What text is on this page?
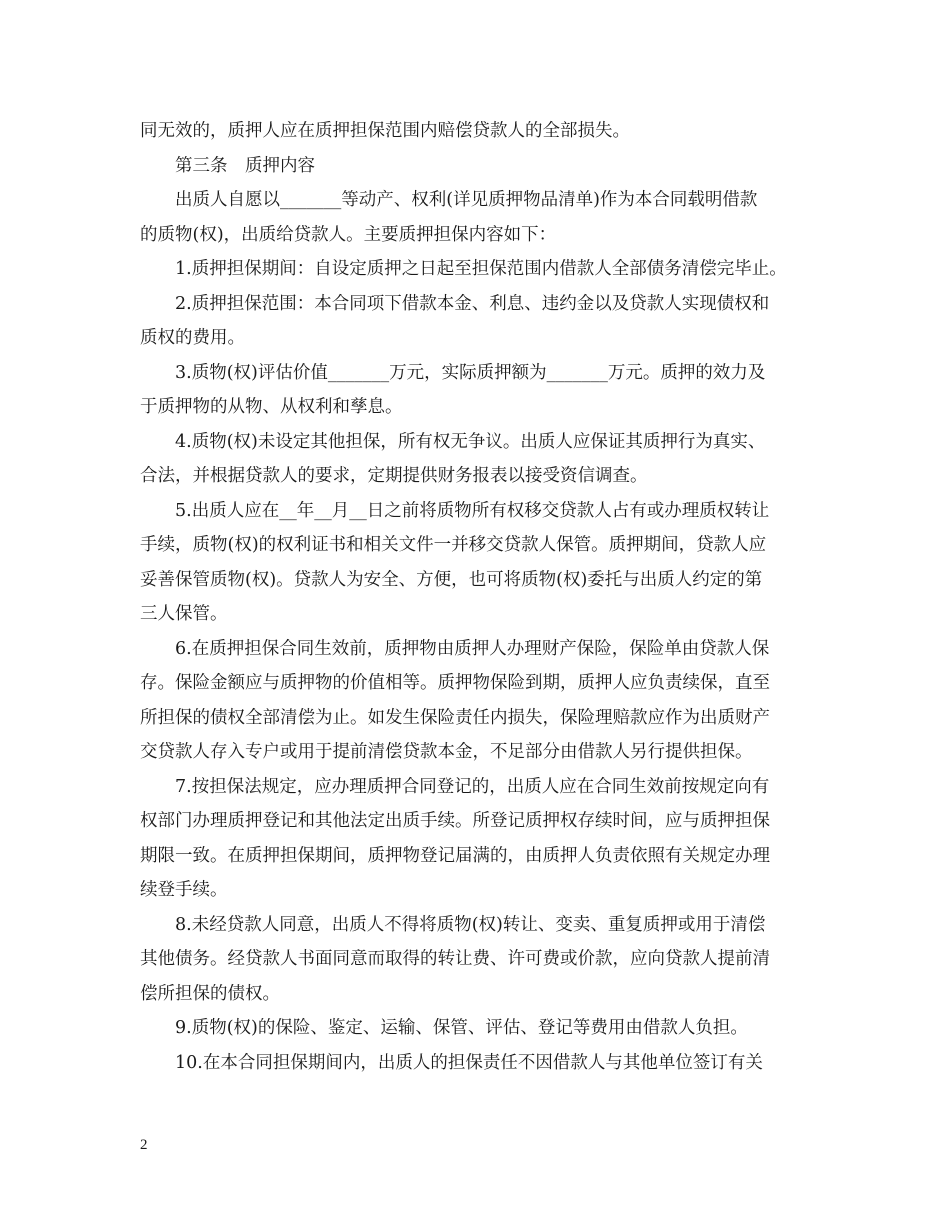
同无效的，质押人应在质押担保范围内赔偿贷款人的全部损失。

第三条　质押内容

出质人自愿以_______等动产、权利(详见质押物品清单)作为本合同载明借款

的质物(权)，出质给贷款人。主要质押担保内容如下：

1.质押担保期间：自设定质押之日起至担保范围内借款人全部债务清偿完毕止。

2.质押担保范围：本合同项下借款本金、利息、违约金以及贷款人实现债权和

质权的费用。

3.质物(权)评估价值_______万元，实际质押额为_______万元。质押的效力及

于质押物的从物、从权利和孳息。

4.质物(权)未设定其他担保，所有权无争议。出质人应保证其质押行为真实、

合法，并根据贷款人的要求，定期提供财务报表以接受资信调查。

5.出质人应在__年__月__日之前将质物所有权移交贷款人占有或办理质权转让

手续，质物(权)的权利证书和相关文件一并移交贷款人保管。质押期间，贷款人应

妥善保管质物(权)。贷款人为安全、方便，也可将质物(权)委托与出质人约定的第

三人保管。

6.在质押担保合同生效前，质押物由质押人办理财产保险，保险单由贷款人保

存。保险金额应与质押物的价值相等。质押物保险到期，质押人应负责续保，直至

所担保的债权全部清偿为止。如发生保险责任内损失，保险理赔款应作为出质财产

交贷款人存入专户或用于提前清偿贷款本金，不足部分由借款人另行提供担保。

7.按担保法规定，应办理质押合同登记的，出质人应在合同生效前按规定向有

权部门办理质押登记和其他法定出质手续。所登记质押权存续时间，应与质押担保

期限一致。在质押担保期间，质押物登记届满的，由质押人负责依照有关规定办理

续登手续。

8.未经贷款人同意，出质人不得将质物(权)转让、变卖、重复质押或用于清偿

其他债务。经贷款人书面同意而取得的转让费、许可费或价款，应向贷款人提前清

偿所担保的债权。

9.质物(权)的保险、鉴定、运输、保管、评估、登记等费用由借款人负担。

10.在本合同担保期间内，出质人的担保责任不因借款人与其他单位签订有关

2
